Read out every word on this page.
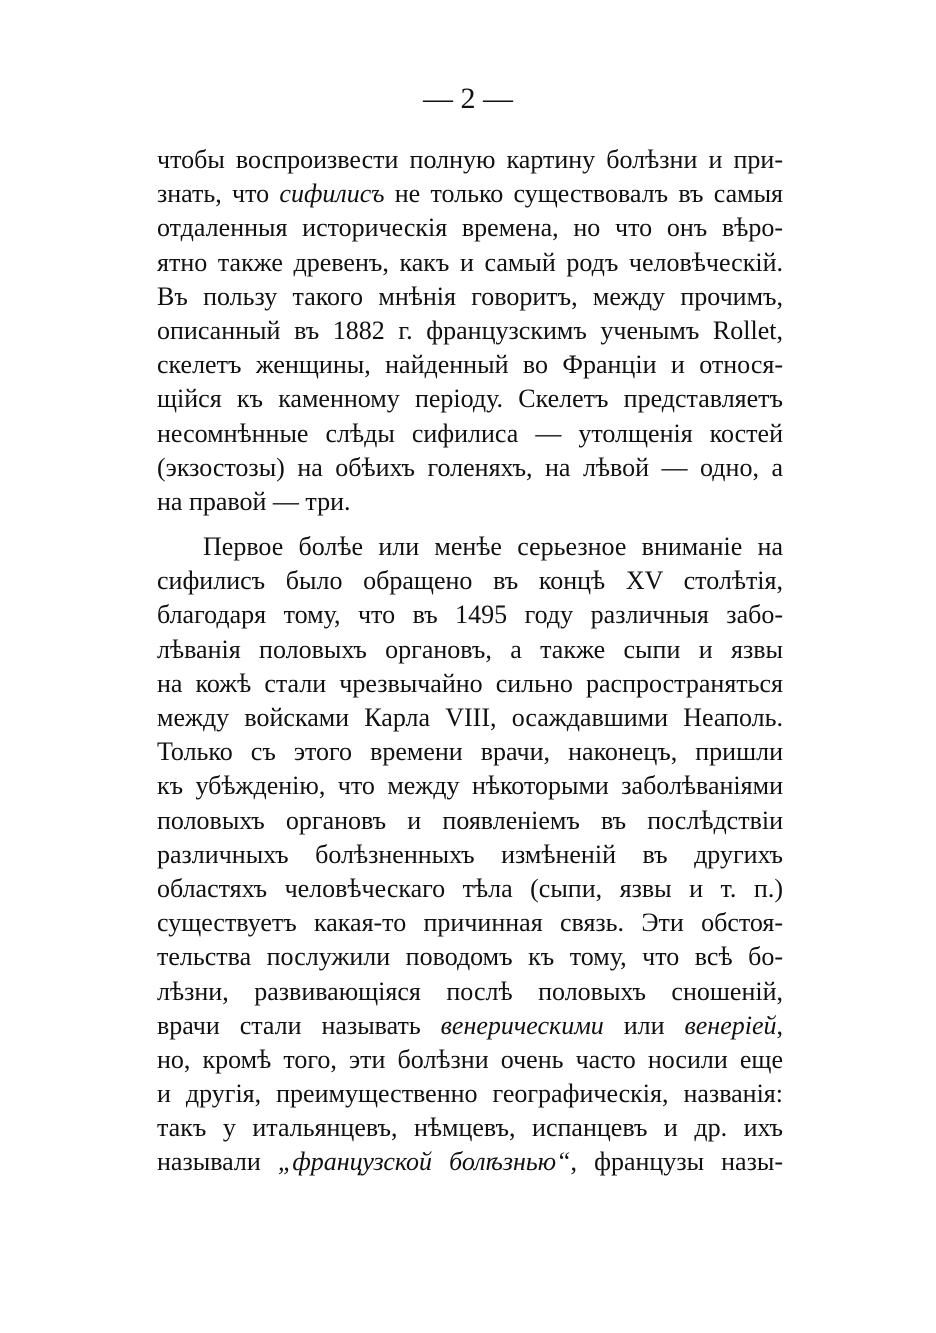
— 2 —
чтобы воспроизвести полную картину болѣзни и при-
знать, что сифилисъ не только существовалъ въ самыя
отдаленныя историческія времена, но что онъ вѣро-
ятно также древенъ, какъ и самый родъ человѣческій.
Въ пользу такого мнѣнія говоритъ, между прочимъ,
описанный въ 1882 г. французскимъ ученымъ Rollet,
скелетъ женщины, найденный во Франціи и относя-
щійся къ каменному періоду. Скелетъ представляетъ
несомнѣнные слѣды сифилиса — утолщенія костей
(экзостозы) на обѣихъ голеняхъ, на лѣвой — одно, а
на правой — три.
Первое болѣе или менѣе серьезное вниманіе на
сифилисъ было обращено въ концѣ XV столѣтія,
благодаря тому, что въ 1495 году различныя забо-
лѣванія половыхъ органовъ, а также сыпи и язвы
на кожѣ стали чрезвычайно сильно распространяться
между войсками Карла VIII, осаждавшими Неаполь.
Только съ этого времени врачи, наконецъ, пришли
къ убѣжденію, что между нѣкоторыми заболѣваніями
половыхъ органовъ и появленіемъ въ послѣдствіи
различныхъ болѣзненныхъ измѣненій въ другихъ
областяхъ человѣческаго тѣла (сыпи, язвы и т. п.)
существуетъ какая-то причинная связь. Эти обстоя-
тельства послужили поводомъ къ тому, что всѣ бо-
лѣзни, развивающіяся послѣ половыхъ сношеній,
врачи стали называть венерическими или венеріей,
но, кромѣ того, эти болѣзни очень часто носили еще
и другія, преимущественно географическія, названія:
такъ у итальянцевъ, нѣмцевъ, испанцевъ и др. ихъ
называли „французской болѣзнью“, французы назы-
